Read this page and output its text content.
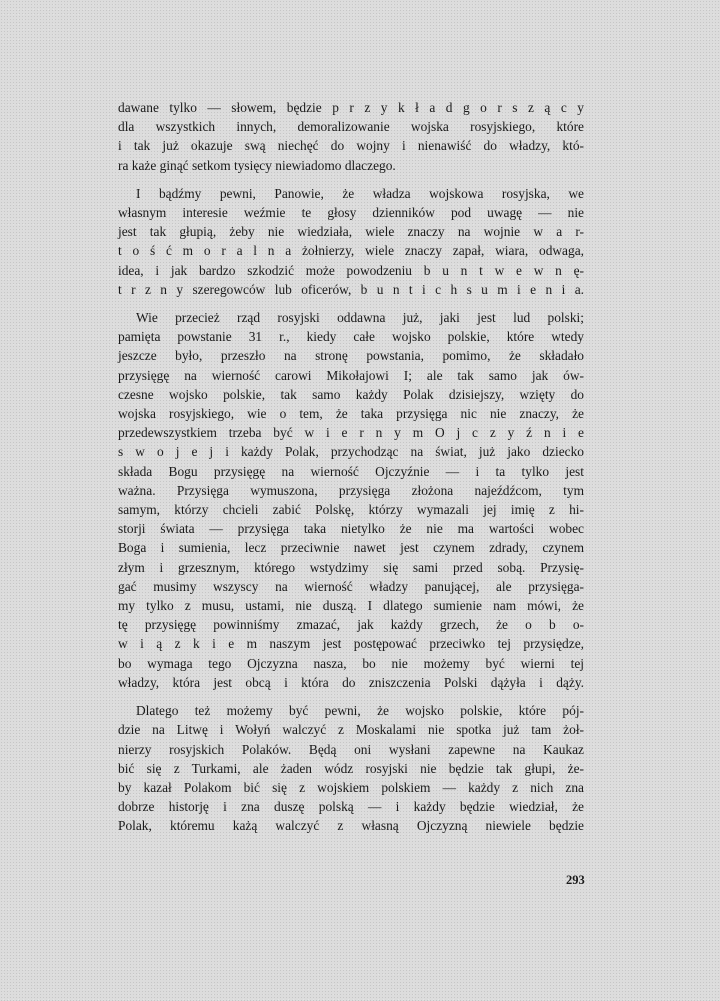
dawane tylko — słowem, będzie p r z y k ł a d g o r s z ą c y
dla wszystkich innych, demoralizowanie wojska rosyjskiego, które
i tak już okazuje swą niechęć do wojny i nienawiść do władzy, któ-
ra każe ginąć setkom tysięcy niewiadomo dlaczego.

I bądźmy pewni, Panowie, że władza wojskowa rosyjska, we
własnym interesie weźmie te głosy dzienników pod uwagę — nie
jest tak głupią, żeby nie wiedziała, wiele znaczy na wojnie w a r-
t o ś ć m o r a l n a żołnierzy, wiele znaczy zapał, wiara, odwaga,
idea, i jak bardzo szkodzić może powodzeniu b u n t w e w n ę-
t r z n y szeregowców lub oficerów, b u n t i c h s u m i e n i a.

Wie przecież rząd rosyjski oddawna już, jaki jest lud polski;
pamięta powstanie 31 r., kiedy całe wojsko polskie, które wtedy
jeszcze było, przeszło na stronę powstania, pomimo, że składało
przysięgę na wierność carowi Mikołajowi I; ale tak samo jak ów-
czesne wojsko polskie, tak samo każdy Polak dzisiejszy, wzięty do
wojska rosyjskiego, wie o tem, że taka przysięga nic nie znaczy, że
przedewszystkiem trzeba być w i e r n y m O j c z y ź n i e
s w o j e j i każdy Polak, przychodząc na świat, już jako dziecko
składa Bogu przysięgę na wierność Ojczyźnie — i ta tylko jest
ważna. Przysięga wymuszona, przysięga złożona najeźdźcom, tym
samym, którzy chcieli zabić Polskę, którzy wymazali jej imię z hi-
storji świata — przysięga taka nietylko że nie ma wartości wobec
Boga i sumienia, lecz przeciwnie nawet jest czynem zdrady, czynem
złym i grzesznym, którego wstydzimy się sami przed sobą. Przysię-
gać musimy wszyscy na wierność władzy panującej, ale przysięga-
my tylko z musu, ustami, nie duszą. I dlatego sumienie nam mówi, że
tę przysięgę powinniśmy zmazać, jak każdy grzech, że o b o-
w i ą z k i e m naszym jest postępować przeciwko tej przysiędze,
bo wymaga tego Ojczyzna nasza, bo nie możemy być wierni tej
władzy, która jest obcą i która do zniszczenia Polski dążyła i dąży.

Dlatego też możemy być pewni, że wojsko polskie, które pój-
dzie na Litwę i Wołyń walczyć z Moskalami nie spotka już tam żoł-
nierzy rosyjskich Polaków. Będą oni wysłani zapewne na Kaukaz
bić się z Turkami, ale żaden wódz rosyjski nie będzie tak głupi, że-
by kazał Polakom bić się z wojskiem polskiem — każdy z nich zna
dobrze historję i zna duszę polską — i każdy będzie wiedział, że
Polak, któremu każą walczyć z własną Ojczyzną niewiele będzie

293
